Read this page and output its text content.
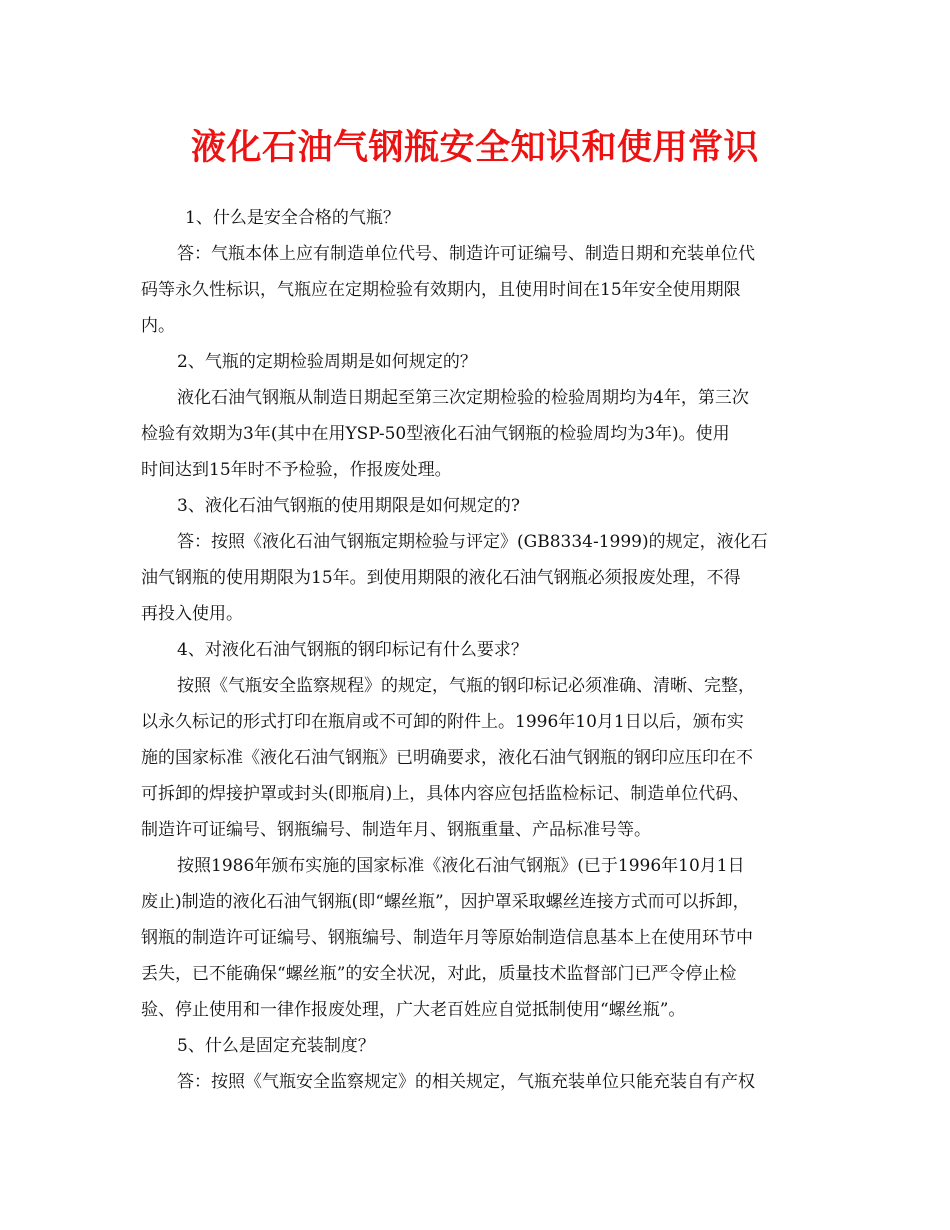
液化石油气钢瓶安全知识和使用常识

1、什么是安全合格的气瓶？

答：气瓶本体上应有制造单位代号、制造许可证编号、制造日期和充装单位代

码等永久性标识，气瓶应在定期检验有效期内，且使用时间在15年安全使用期限

内。

2、气瓶的定期检验周期是如何规定的？

液化石油气钢瓶从制造日期起至第三次定期检验的检验周期均为4年，第三次

检验有效期为3年(其中在用YSP-50型液化石油气钢瓶的检验周均为3年)。使用

时间达到15年时不予检验，作报废处理。

3、液化石油气钢瓶的使用期限是如何规定的?

答：按照《液化石油气钢瓶定期检验与评定》(GB8334-1999)的规定，液化石

油气钢瓶的使用期限为15年。到使用期限的液化石油气钢瓶必须报废处理，不得

再投入使用。

4、对液化石油气钢瓶的钢印标记有什么要求？

按照《气瓶安全监察规程》的规定，气瓶的钢印标记必须准确、清晰、完整，

以永久标记的形式打印在瓶肩或不可卸的附件上。1996年10月1日以后，颁布实

施的国家标准《液化石油气钢瓶》已明确要求，液化石油气钢瓶的钢印应压印在不

可拆卸的焊接护罩或封头(即瓶肩)上，具体内容应包括监检标记、制造单位代码、

制造许可证编号、钢瓶编号、制造年月、钢瓶重量、产品标准号等。

按照1986年颁布实施的国家标准《液化石油气钢瓶》(已于1996年10月1日

废止)制造的液化石油气钢瓶(即“螺丝瓶”，因护罩采取螺丝连接方式而可以拆卸，

钢瓶的制造许可证编号、钢瓶编号、制造年月等原始制造信息基本上在使用环节中

丢失，已不能确保“螺丝瓶”的安全状况，对此，质量技术监督部门已严令停止检

验、停止使用和一律作报废处理，广大老百姓应自觉抵制使用“螺丝瓶”。

5、什么是固定充装制度？

答：按照《气瓶安全监察规定》的相关规定，气瓶充装单位只能充装自有产权
